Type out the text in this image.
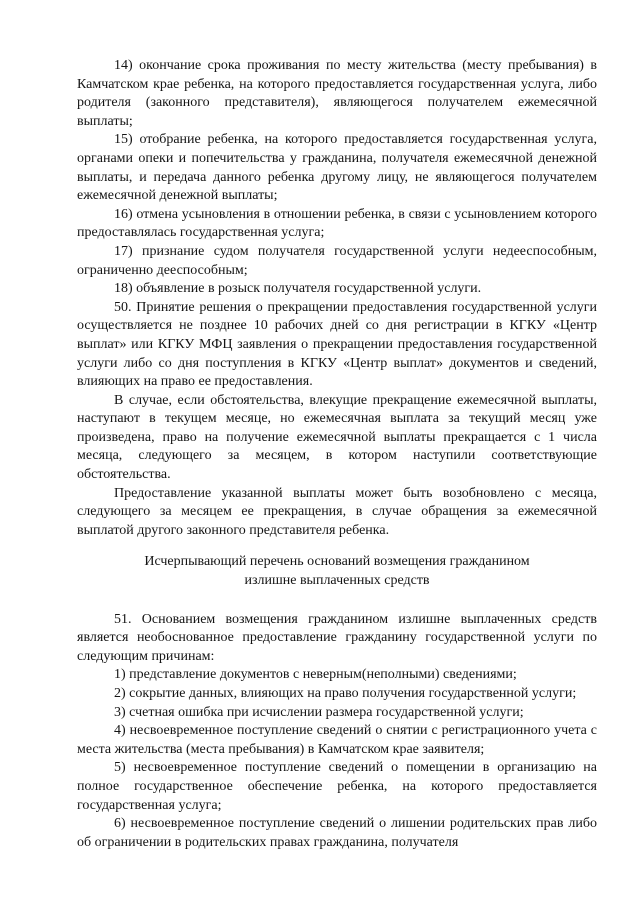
14) окончание срока проживания по месту жительства (месту пребывания) в Камчатском крае ребенка, на которого предоставляется государственная услуга, либо родителя (законного представителя), являющегося получателем ежемесячной выплаты;

15) отобрание ребенка, на которого предоставляется государственная услуга, органами опеки и попечительства у гражданина, получателя ежемесячной денежной выплаты, и передача данного ребенка другому лицу, не являющегося получателем ежемесячной денежной выплаты;

16) отмена усыновления в отношении ребенка, в связи с усыновлением которого предоставлялась государственная услуга;

17) признание судом получателя государственной услуги недееспособным, ограниченно дееспособным;

18) объявление в розыск получателя государственной услуги.

50. Принятие решения о прекращении предоставления государственной услуги осуществляется не позднее 10 рабочих дней со дня регистрации в КГКУ «Центр выплат» или КГКУ МФЦ заявления о прекращении предоставления государственной услуги либо со дня поступления в КГКУ «Центр выплат» документов и сведений, влияющих на право ее предоставления.

В случае, если обстоятельства, влекущие прекращение ежемесячной выплаты, наступают в текущем месяце, но ежемесячная выплата за текущий месяц уже произведена, право на получение ежемесячной выплаты прекращается с 1 числа месяца, следующего за месяцем, в котором наступили соответствующие обстоятельства.

Предоставление указанной выплаты может быть возобновлено с месяца, следующего за месяцем ее прекращения, в случае обращения за ежемесячной выплатой другого законного представителя ребенка.

Исчерпывающий перечень оснований возмещения гражданином
излишне выплаченных средств

51. Основанием возмещения гражданином излишне выплаченных средств является необоснованное предоставление гражданину государственной услуги по следующим причинам:

1) представление документов с неверным(неполными) сведениями;

2) сокрытие данных, влияющих на право получения государственной услуги;

3) счетная ошибка при исчислении размера государственной услуги;

4) несвоевременное поступление сведений о снятии с регистрационного учета с места жительства (места пребывания) в Камчатском крае заявителя;

5) несвоевременное поступление сведений о помещении в организацию на полное государственное обеспечение ребенка, на которого предоставляется государственная услуга;

6) несвоевременное поступление сведений о лишении родительских прав либо об ограничении в родительских правах гражданина, получателя
